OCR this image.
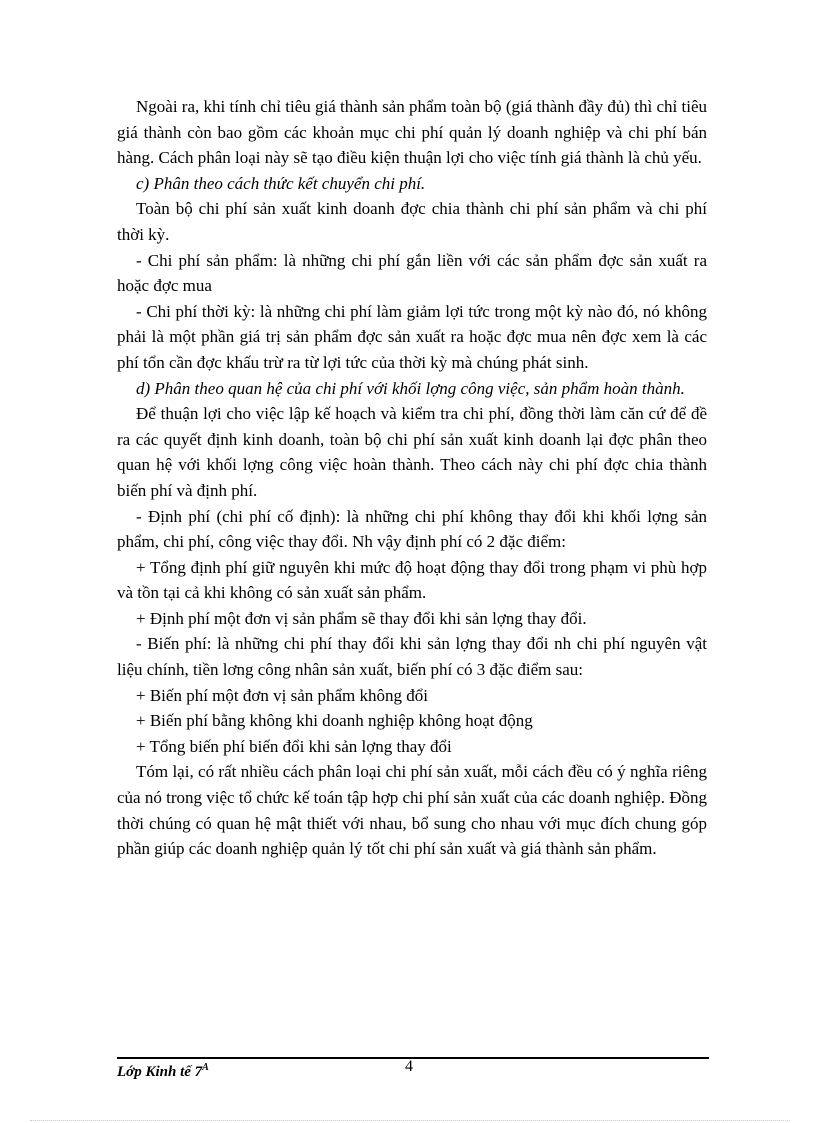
Ngoài ra, khi tính chỉ tiêu giá thành sản phẩm toàn bộ (giá thành đầy đủ) thì chỉ tiêu giá thành còn bao gồm các khoản mục chi phí quản lý doanh nghiệp và chi phí bán hàng. Cách phân loại này sẽ tạo điều kiện thuận lợi cho việc tính giá thành là chủ yếu.

c) Phân theo cách thức kết chuyển chi phí.

Toàn bộ chi phí sản xuất kinh doanh đợc chia thành chi phí sản phẩm và chi phí thời kỳ.

- Chi phí sản phẩm: là những chi phí gắn liền với các sản phẩm đợc sản xuất ra hoặc đợc mua

- Chi phí thời kỳ: là những chi phí làm giảm lợi tức trong một kỳ nào đó, nó không phải là một phần giá trị sản phẩm đợc sản xuất ra hoặc đợc mua nên đợc xem là các phí tổn cần đợc khấu trừ ra từ lợi tức của thời kỳ mà chúng phát sinh.

d) Phân theo quan hệ của chi phí với khối lợng công việc, sản phẩm hoàn thành.

Để thuận lợi cho việc lập kế hoạch và kiểm tra chi phí, đồng thời làm căn cứ để đề ra các quyết định kinh doanh, toàn bộ chi phí sản xuất kinh doanh lại đợc phân theo quan hệ với khối lợng công việc hoàn thành. Theo cách này chi phí đợc chia thành biến phí và định phí.

- Định phí (chi phí cố định): là những chi phí không thay đổi khi khối lợng sản phẩm, chi phí, công việc thay đổi. Nh vậy định phí có 2 đặc điểm:

+ Tổng định phí giữ nguyên khi mức độ hoạt động thay đổi trong phạm vi phù hợp và tồn tại cả khi không có sản xuất sản phẩm.

+ Định phí một đơn vị sản phẩm sẽ thay đổi khi sản lợng thay đổi.

- Biến phí: là những chi phí thay đổi khi sản lợng thay đổi nh chi phí nguyên vật liệu chính, tiền lơng công nhân sản xuất, biến phí có 3 đặc điểm sau:

+ Biến phí một đơn vị sản phẩm không đổi

+ Biến phí bằng không khi doanh nghiệp không hoạt động

+ Tổng biến phí biến đổi khi sản lợng thay đổi

Tóm lại, có rất nhiều cách phân loại chi phí sản xuất, mỗi cách đều có ý nghĩa riêng của nó trong việc tổ chức kế toán tập hợp chi phí sản xuất của các doanh nghiệp. Đồng thời chúng có quan hệ mật thiết với nhau, bổ sung cho nhau với mục đích chung góp phần giúp các doanh nghiệp quản lý tốt chi phí sản xuất và giá thành sản phẩm.

Lớp Kinh tế $7^A$	4
